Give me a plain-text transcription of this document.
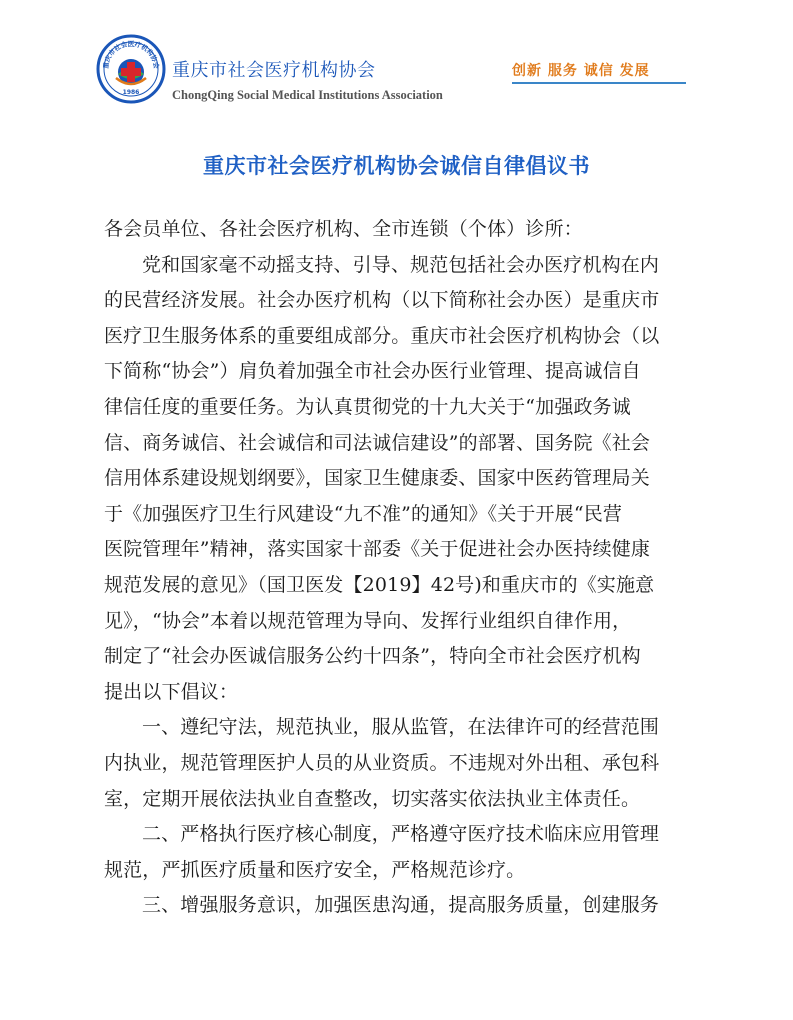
重庆市社会医疗机构协会
1986
重庆市社会医疗机构协会
ChongQing Social Medical Institutions Association
创新 服务 诚信 发展
重庆市社会医疗机构协会诚信自律倡议书
各会员单位、各社会医疗机构、全市连锁（个体）诊所：
党和国家毫不动摇支持、引导、规范包括社会办医疗机构在内
的民营经济发展。社会办医疗机构（以下简称社会办医）是重庆市
医疗卫生服务体系的重要组成部分。重庆市社会医疗机构协会（以
下简称“协会”）肩负着加强全市社会办医行业管理、提高诚信自
律信任度的重要任务。为认真贯彻党的十九大关于“加强政务诚
信、商务诚信、社会诚信和司法诚信建设”的部署、国务院《社会
信用体系建设规划纲要》，国家卫生健康委、国家中医药管理局关
于《加强医疗卫生行风建设“九不准”的通知》《关于开展“民营
医院管理年”精神，落实国家十部委《关于促进社会办医持续健康
规范发展的意见》（国卫医发【2019】42号)和重庆市的《实施意
见》，“协会”本着以规范管理为导向、发挥行业组织自律作用，
制定了“社会办医诚信服务公约十四条”，特向全市社会医疗机构
提出以下倡议：
一、遵纪守法，规范执业，服从监管，在法律许可的经营范围
内执业，规范管理医护人员的从业资质。不违规对外出租、承包科
室，定期开展依法执业自查整改，切实落实依法执业主体责任。
二、严格执行医疗核心制度，严格遵守医疗技术临床应用管理
规范，严抓医疗质量和医疗安全，严格规范诊疗。
三、增强服务意识，加强医患沟通，提高服务质量，创建服务
